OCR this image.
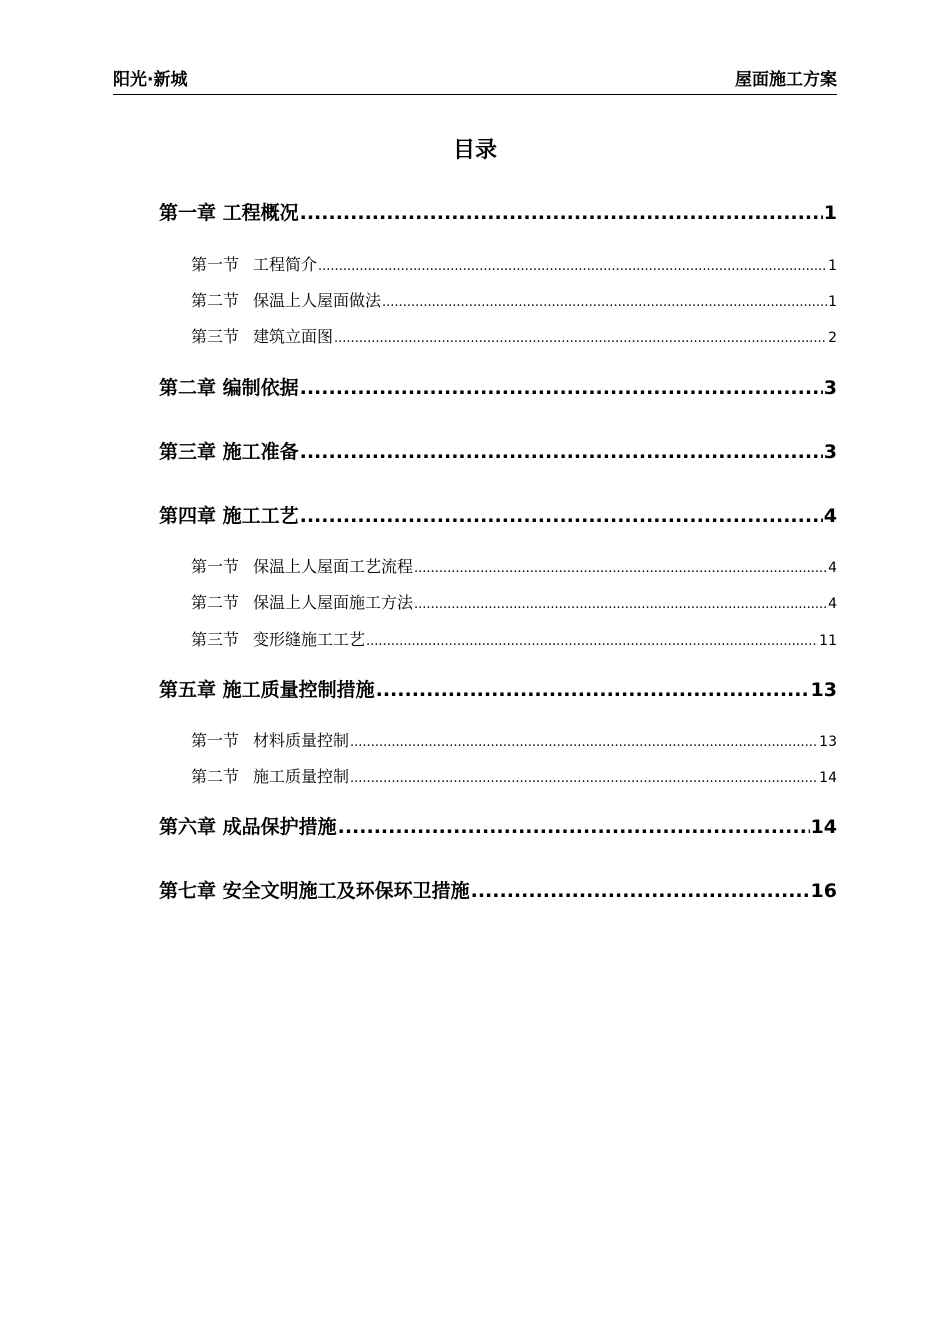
阳光·新城	屋面施工方案
目录
第一章 工程概况 .....	1
第一节 工程简介 .....	1
第二节 保温上人屋面做法 .....	1
第三节 建筑立面图 .....	2
第二章 编制依据 .....	3
第三章 施工准备 .....	3
第四章 施工工艺 .....	4
第一节 保温上人屋面工艺流程 .....	4
第二节 保温上人屋面施工方法 .....	4
第三节 变形缝施工工艺 .....	11
第五章 施工质量控制措施 .....	13
第一节 材料质量控制 .....	13
第二节 施工质量控制 .....	14
第六章 成品保护措施 .....	14
第七章 安全文明施工及环保环卫措施 .....	16
